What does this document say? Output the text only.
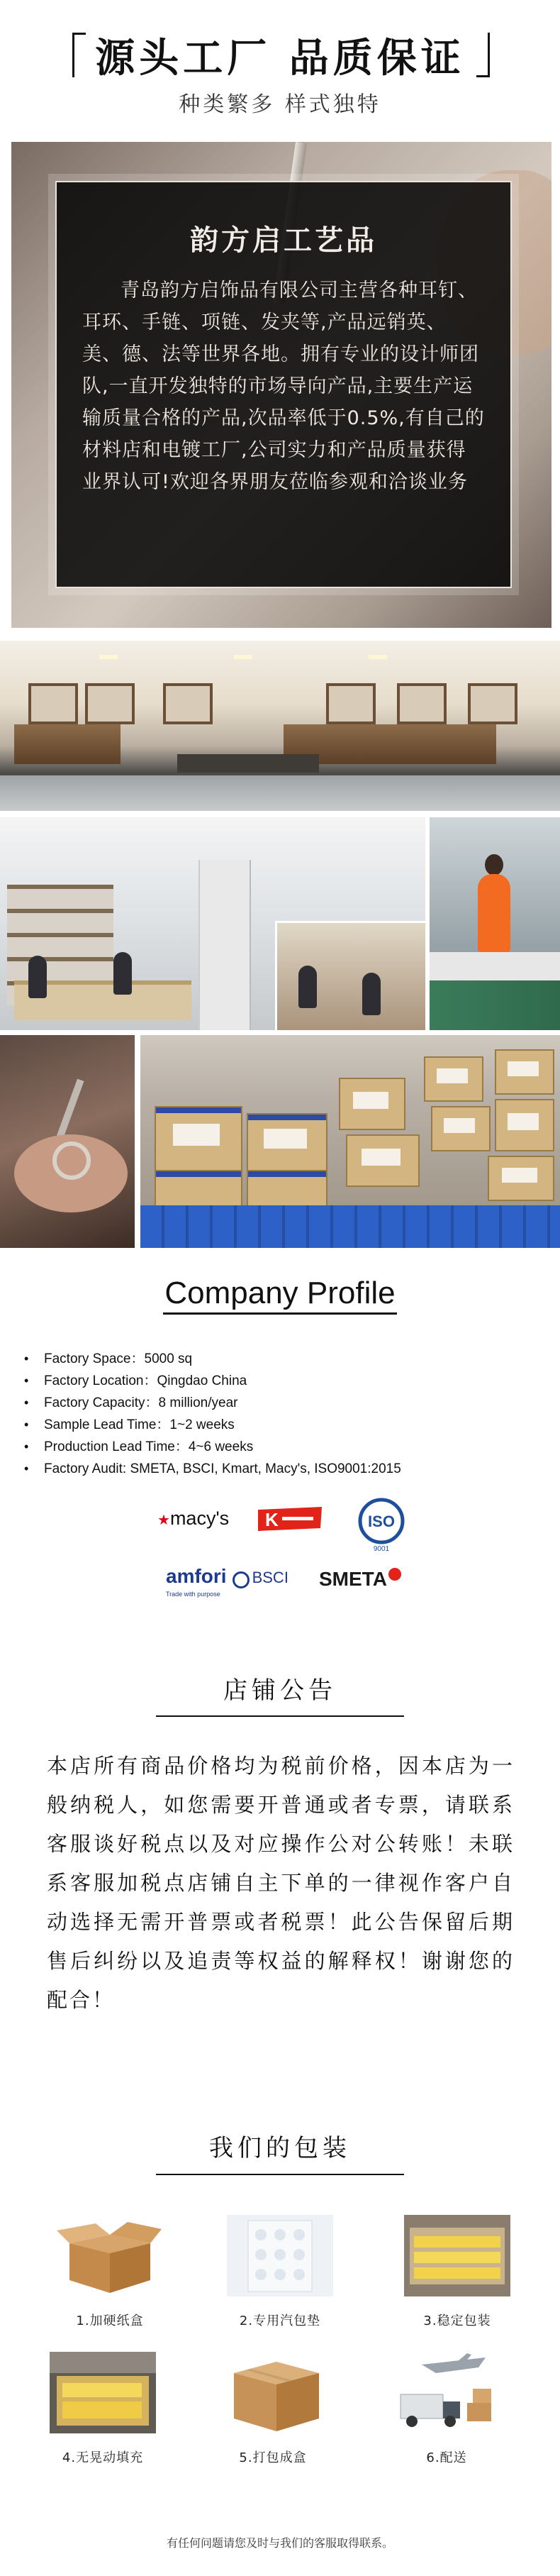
源头工厂 品质保证
种类繁多 样式独特
韵方启工艺品
青岛韵方启饰品有限公司主营各种耳钉、耳环、手链、项链、发夹等,产品远销英、美、德、法等世界各地。拥有专业的设计师团队,一直开发独特的市场导向产品,主要生产运输质量合格的产品,次品率低于0.5%,有自己的材料店和电镀工厂,公司实力和产品质量获得业界认可!欢迎各界朋友莅临参观和洽谈业务
Company Profile
• Factory Space：5000 sq
• Factory Location：Qingdao China
• Factory Capacity：8 million/year
• Sample Lead Time：1~2 weeks
• Production Lead Time：4~6 weeks
• Factory Audit: SMETA, BSCI, Kmart, Macy's, ISO9001:2015
★macy's	K	ISO
9001
amfori BSCI
Trade with purpose
SMETA
店铺公告
本店所有商品价格均为税前价格，因本店为一般纳税人，如您需要开普通或者专票，请联系客服谈好税点以及对应操作公对公转账！未联系客服加税点店铺自主下单的一律视作客户自动选择无需开普票或者税票！此公告保留后期售后纠纷以及追责等权益的解释权！谢谢您的配合！
我们的包装
1.加硬纸盒	2.专用汽包垫	3.稳定包装
4.无晃动填充	5.打包成盒	6.配送
有任何问题请您及时与我们的客服取得联系。
